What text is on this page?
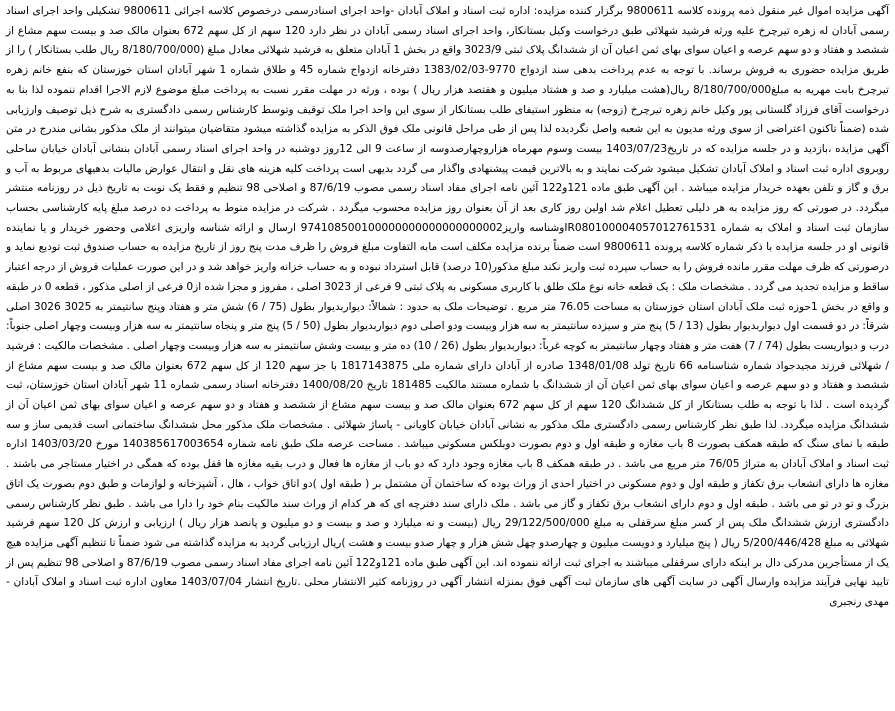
آگهی مزایده اموال غیر منقول ذمه پرونده کلاسه 9800611 برگزار کننده مزایده: اداره ثبت اسناد و املاک آبادان -واحد اجرای اسنادرسمی درخصوص کلاسه اجرائی 9800611 تشکیلی واحد اجرای اسناد رسمی آبادان له زهره تیرچرخ علیه ورثه فرشید شهلائی طبق درخواست وکیل بستانکار، واحد اجرای اسناد رسمی آبادان در نظر دارد 120 سهم از کل سهم 672 بعنوان مالک صد و بیست سهم مشاع از ششصد و هفتاد و دو سهم عرصه و اعیان سوای بهای ثمن اعیان آن از ششدانگ پلاک ثبتی 3023/9 واقع در بخش 1 آبادان متعلق به فرشید شهلائی معادل مبلغ (8/180/700/000 ریال طلب بستانکار ) را از طریق مزایده حضوری به فروش برساند. با توجه به عدم پرداخت بدهی سند ازدواج 9770-1383/02/03 دفترخانه ازدواج شماره 45 و طلاق شماره 1 شهر آبادان استان خوزستان که بنفع خانم زهره تیرچرخ بابت مهریه به مبلغ8/180/700/000 ریال(هشت میلیارد و صد و هشتاد میلیون و هفتصد هزار ریال ) بوده ، ورثه در مهلت مقرر نسبت به پرداخت مبلغ موضوع لازم الاجرا اقدام ننموده لذا بنا به درخواست آقای فرزاد گلستانی پور وکیل خانم زهره تیرچرخ (زوجه) به منظور استیفای طلب بستانکار از سوی این واحد اجرا ملک توقیف وتوسط کارشناس رسمی دادگستری به شرح ذیل توصیف وارزیابی شده (ضمناً تاکنون اعتراضی از سوی ورثه مدیون به این شعبه واصل نگردیده لذا پس از طی مراحل قانونی ملک فوق الذکر به مزایده گذاشته میشود متقاضیان میتوانند از ملک مذکور بشانی مندرج در متن آگهی مزایده ،بازدید و در جلسه مزایده که در تاریخ1403/07/23 بیست وسوم مهرماه هزاروچهارصدوسه از ساعت 9 الی 12روز دوشنبه در واحد اجرای اسناد رسمی آبادان بنشانی آبادان خیابان ساحلی روبروی اداره ثبت اسناد و املاک آبادان تشکیل میشود شرکت نمایند و به بالاترین قیمت پیشنهادی واگذار می گردد بدیهی است پرداخت کلیه هزینه های نقل و انتقال عوارض مالیات بدهیهای مربوط به آب و برق و گاز و تلفن بعهده خریدار مزایده میباشد . این آگهی طبق ماده 121و122 آئین نامه اجرای مفاد اسناد رسمی مصوب 87/6/19 و اصلاحی 98 تنظیم و فقط یک نوبت به تاریخ ذیل در روزنامه منتشر میگردد. در صورتی که روز مزایده به هر دلیلی تعطیل اعلام شد اولین روز کاری بعد از آن بعنوان روز مزایده محسوب میگردد . شرکت در مزایده منوط به پرداخت ده درصد مبلغ پایه کارشناسی بحساب سازمان ثبت اسناد و املاک به شماره IR080100004057012761531وشناسه واریز974108500100000000000000000002 ارسال و ارائه شناسه واریزی اعلامی وحضور خریدار و یا نماینده قانونی او در جلسه مزایده با ذکر شماره کلاسه پرونده 9800611 است ضمناً برنده مزایده مکلف است مابه التفاوت مبلغ فروش را ظرف مدت پنج روز از تاریخ مزایده به حساب صندوق ثبت تودیع نماید و درصورتی که ظرف مهلت مقرر مانده فروش را به حساب سپرده ثبت واریز نکند مبلغ مذکور(10 درصد) قابل استرداد نبوده و به حساب خزانه واریز خواهد شد و در این صورت عملیات فروش از درجه اعتبار ساقط و مزایده تجدید می گردد . مشخصات ملک : یک قطعه خانه نوع ملک طلق با کاربری مسکونی به پلاک ثبتی 9 فرعی از 3023 اصلی ، مفروز و مجزا شده از0 فرعی از اصلی مذکور ، قطعه 0 در طبقه و واقع در بخش 1حوزه ثبت ملک آبادان استان خوزستان به مساحت 76.05 متر مربع . توضیحات ملک به حدود : شمالاً: دیواربدیوار بطول (75 / 6) شش متر و هفتاد وپنج سانتیمتر به 3025 3026 اصلی شرقاً: در دو قسمت اول دیواربدیوار بطول (13 / 5) پنج متر و سیزده سانتیمتر به سه هزار وبیست ودو اصلی دوم دیواربدیوار بطول (50 / 5) پنج متر و پنجاه سانتیمتر به سه هزار وبیست وچهار اصلی جنوباً: درب و دیواریست بطول (74 / 7) هفت متر و هفتاد وچهار سانتیمتر به کوچه غرباً: دیواربدیوار بطول (26 / 10) ده متر و بیست وشش سانتیمتر به سه هزار وبیست وچهار اصلی . مشخصات مالکیت : فرشید / شهلائی فرزند مجیدجواد شماره شناسنامه 66 تاریخ تولد 1348/01/08 صادره از آبادان دارای شماره ملی 1817143875 با جز سهم 120 از کل سهم 672 بعنوان مالک صد و بیست سهم مشاع از ششصد و هفتاد و دو سهم عرصه و اعیان سوای بهای ثمن اعیان آن از ششدانگ با شماره مستند مالکیت 181485 تاریخ 1400/08/20 دفترخانه اسناد رسمی شماره 11 شهر آبادان استان خوزستان، ثبت گردیده است . لذا با توجه به طلب بستانکار از کل ششدانگ 120 سهم از کل سهم 672 بعنوان مالک صد و بیست سهم مشاع از ششصد و هفتاد و دو سهم عرصه و اعیان سوای بهای ثمن اعیان آن از ششدانگ مزایده میگردد. لذا طبق نظر کارشناس رسمی دادگستری ملک مذکور به نشانی آبادان خیابان کاویانی - پاساژ شهلائی . مشخصات ملک مذکور محل ششدانگ ساختمانی است قدیمی ساز و سه طبقه با نمای سنگ که طبقه همکف بصورت 8 باب مغازه و طبقه اول و دوم بصورت دوبلکس مسکونی میباشد . مساحت عرصه ملک طبق نامه شماره 140385617003654 مورخ 1403/03/20 اداره ثبت اسناد و املاک آبادان به متراژ 76/05 متر مربع می باشد . در طبقه همکف 8 باب مغازه وجود دارد که دو باب از مغازه ها فعال و درب بقیه مغازه ها قفل بوده که همگی در اختیار مستاجر می باشند . مغازه ها دارای انشعاب برق تکفاز و طبقه اول و دوم مسکونی در اختیار احدی از وراث بوده که ساختمان آن مشتمل بر ( طبقه اول )دو اتاق خواب ، هال ، آشپزخانه و لوازمات و طبق دوم بصورت یک اتاق بزرگ و تو در تو می باشد . طبقه اول و دوم دارای انشعاب برق تکفاز و گاز می باشد . ملک دارای سند دفترچه ای که هر کدام از وراث سند مالکیت بنام خود را دارا می باشد . طبق نظر کارشناس رسمی دادگستری ارزش ششدانگ ملک پس از کسر مبلغ سرقفلی به مبلغ 29/122/500/000 ریال (بیست و نه میلیارد و صد و بیست و دو میلیون و پانصد هزار ریال ) ارزیابی و ارزش کل 120 سهم فرشید شهلائی به مبلغ 5/200/446/428 ریال ( پنج میلیارد و دویست میلیون و چهارصدو چهل شش هزار و چهار صدو بیست و هشت )ریال ارزیابی گردید به مزایده گذاشته می شود ضمناً تا تنظیم آگهی مزایده هیچ یک از مستأجرین مدرکی دال بر اینکه دارای سرقفلی میباشند به اجرای ثبت ارائه ننموده اند. این آگهی طبق ماده 121و122 آئین نامه اجرای مفاد اسناد رسمی مصوب 87/6/19 و اصلاحی 98 تنظیم پس از تایید نهایی فرآیند مزایده وارسال آگهی در سایت آگهی های سازمان ثبت آگهی فوق بمنزله انتشار آگهی در روزنامه کثیر الانتشار محلی .تاریخ انتشار 1403/07/04 معاون اداره ثبت اسناد و املاک آبادان - مهدی رنجبری
